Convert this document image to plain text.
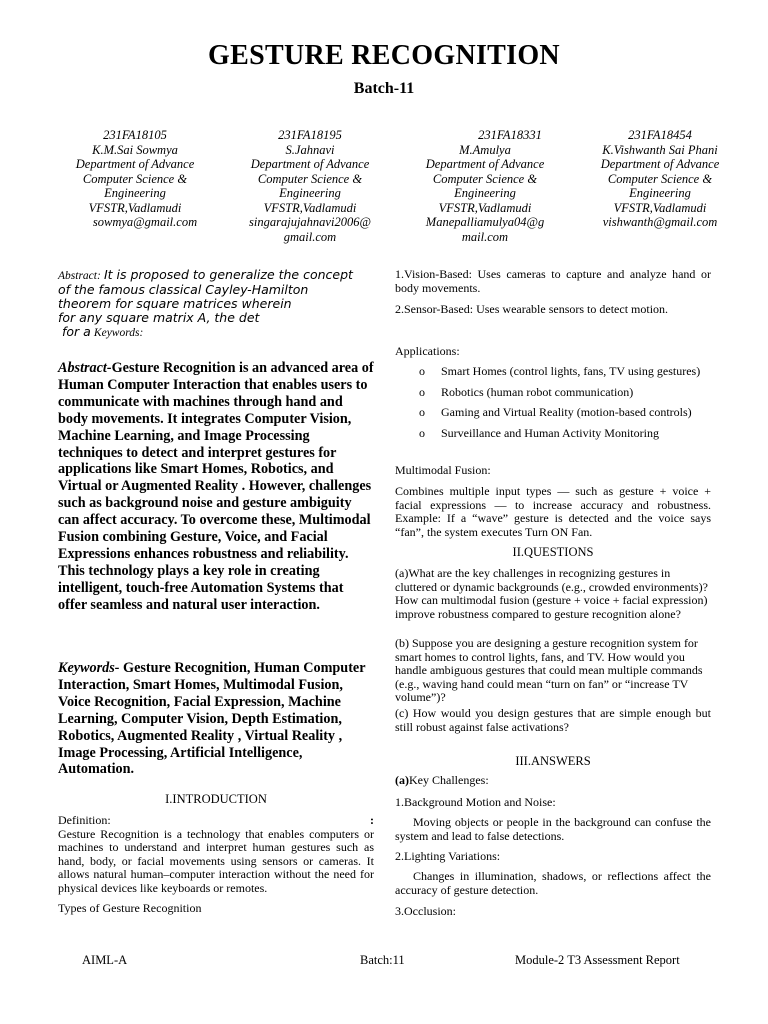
GESTURE RECOGNITION
Batch-11
231FA18105
K.M.Sai Sowmya
Department of Advance
Computer Science &
Engineering
VFSTR,Vadlamudi
sowmya@gmail.com
231FA18195
S.Jahnavi
Department of Advance
Computer Science &
Engineering
VFSTR,Vadlamudi
singarajujahnavi2006@
gmail.com
231FA18331
M.Amulya
Department of Advance
Computer Science &
Engineering
VFSTR,Vadlamudi
Manepalliamulya04@g
mail.com
231FA18454
K.Vishwanth Sai Phani
Department of Advance
Computer Science &
Engineering
VFSTR,Vadlamudi
vishwanth@gmail.com
Abstract: It is proposed to generalize the concept
of the famous classical Cayley-Hamilton
theorem for square matrices wherein
for any square matrix A, the det
for a Keywords:
Abstract-Gesture Recognition is an advanced area of Human Computer Interaction that enables users to communicate with machines through hand and body movements. It integrates Computer Vision, Machine Learning, and Image Processing techniques to detect and interpret gestures for applications like Smart Homes, Robotics, and Virtual or Augmented Reality . However, challenges such as background noise and gesture ambiguity can affect accuracy. To overcome these, Multimodal Fusion combining Gesture, Voice, and Facial Expressions enhances robustness and reliability. This technology plays a key role in creating intelligent, touch-free Automation Systems that offer seamless and natural user interaction.
Keywords- Gesture Recognition, Human Computer Interaction, Smart Homes, Multimodal Fusion, Voice Recognition, Facial Expression, Machine Learning, Computer Vision, Depth Estimation, Robotics, Augmented Reality , Virtual Reality , Image Processing, Artificial Intelligence, Automation.
I.INTRODUCTION
Definition:	:
Gesture Recognition is a technology that enables computers or machines to understand and interpret human gestures such as hand, body, or facial movements using sensors or cameras. It allows natural human–computer interaction without the need for physical devices like keyboards or remotes.
Types of Gesture Recognition
1.Vision-Based: Uses cameras to capture and analyze hand or body movements.
2.Sensor-Based: Uses wearable sensors to detect motion.
Applications:
o Smart Homes (control lights, fans, TV using gestures)
o Robotics (human robot communication)
o Gaming and Virtual Reality (motion-based controls)
o Surveillance and Human Activity Monitoring
Multimodal Fusion:
Combines multiple input types — such as gesture + voice + facial expressions — to increase accuracy and robustness. Example: If a “wave” gesture is detected and the voice says “fan”, the system executes Turn ON Fan.
II.QUESTIONS
(a)What are the key challenges in recognizing gestures in cluttered or dynamic backgrounds (e.g., crowded environments)? How can multimodal fusion (gesture + voice + facial expression) improve robustness compared to gesture recognition alone?
(b) Suppose you are designing a gesture recognition system for smart homes to control lights, fans, and TV. How would you handle ambiguous gestures that could mean multiple commands (e.g., waving hand could mean “turn on fan” or “increase TV volume”)?
(c) How would you design gestures that are simple enough but still robust against false activations?
III.ANSWERS
(a)Key Challenges:
1.Background Motion and Noise:
Moving objects or people in the background can confuse the system and lead to false detections.
2.Lighting Variations:
Changes in illumination, shadows, or reflections affect the accuracy of gesture detection.
3.Occlusion:
AIML-A	Batch:11	Module-2 T3 Assessment Report
